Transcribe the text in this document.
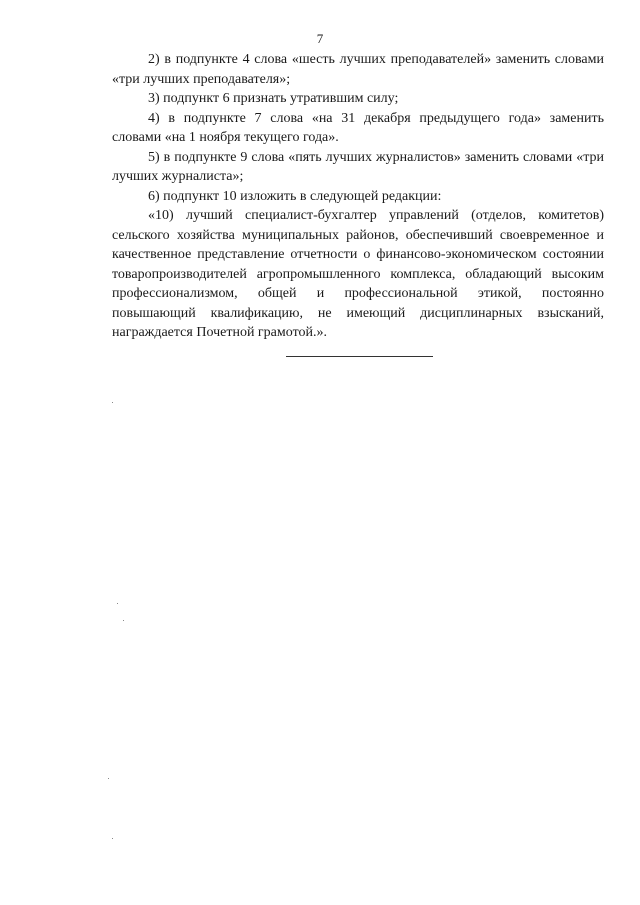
7

2) в подпункте 4 слова «шесть лучших преподавателей» заменить словами «три лучших преподавателя»;

3) подпункт 6 признать утратившим силу;

4) в подпункте 7 слова «на 31 декабря предыдущего года» заменить словами «на 1 ноября текущего года».

5) в подпункте 9 слова «пять лучших журналистов» заменить словами «три лучших журналиста»;

6) подпункт 10 изложить в следующей редакции:

«10) лучший специалист-бухгалтер управлений (отделов, комитетов) сельского хозяйства муниципальных районов, обеспечивший своевременное и качественное представление отчетности о финансово-экономическом состоянии товаропроизводителей агропромышленного комплекса, обладающий высоким профессионализмом, общей и профессиональной этикой, постоянно повышающий квалификацию, не имеющий дисциплинарных взысканий, награждается Почетной грамотой.».
